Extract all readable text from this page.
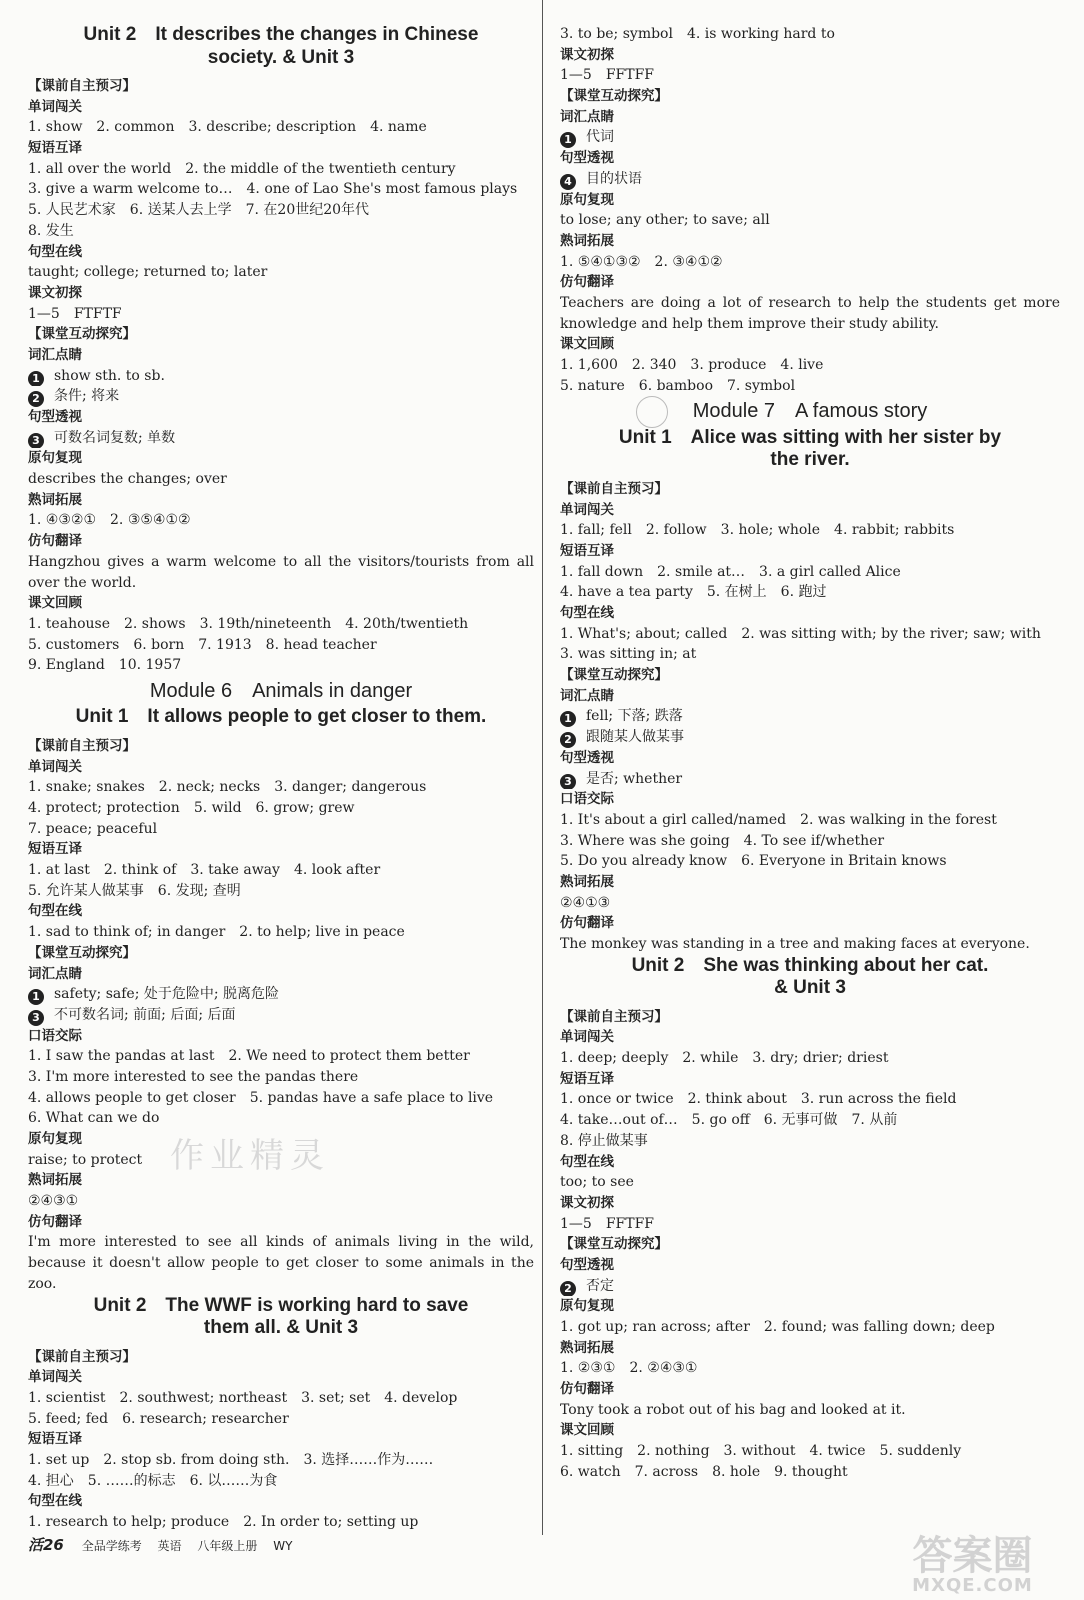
Unit 2　It describes the changes in Chinese
society. & Unit 3
【课前自主预习】
单词闯关
1. show　2. common　3. describe; description　4. name
短语互译
1. all over the world　2. the middle of the twentieth century
3. give a warm welcome to…　4. one of Lao She's most famous plays
5. 人民艺术家　6. 送某人去上学　7. 在20世纪20年代
8. 发生
句型在线
taught; college; returned to; later
课文初探
1—5　FTFTF
【课堂互动探究】
词汇点睛
1 show sth. to sb.
2 条件; 将来
句型透视
3 可数名词复数; 单数
原句复现
describes the changes; over
熟词拓展
1. ④③②①　2. ③⑤④①②
仿句翻译
Hangzhou gives a warm welcome to all the visitors/tourists from all over the world.
课文回顾
1. teahouse　2. shows　3. 19th/nineteenth　4. 20th/twentieth
5. customers　6. born　7. 1913　8. head teacher
9. England　10. 1957
Module 6　Animals in danger
Unit 1　It allows people to get closer to them.
【课前自主预习】
单词闯关
1. snake; snakes　2. neck; necks　3. danger; dangerous
4. protect; protection　5. wild　6. grow; grew
7. peace; peaceful
短语互译
1. at last　2. think of　3. take away　4. look after
5. 允许某人做某事　6. 发现; 查明
句型在线
1. sad to think of; in danger　2. to help; live in peace
【课堂互动探究】
词汇点睛
1 safety; safe; 处于危险中; 脱离危险
3 不可数名词; 前面; 后面; 后面
口语交际
1. I saw the pandas at last　2. We need to protect them better
3. I'm more interested to see the pandas there
4. allows people to get closer　5. pandas have a safe place to live
6. What can we do
原句复现
raise; to protect
熟词拓展
②④③①
仿句翻译
I'm more interested to see all kinds of animals living in the wild, because it doesn't allow people to get closer to some animals in the zoo.
Unit 2　The WWF is working hard to save
them all. & Unit 3
【课前自主预习】
单词闯关
1. scientist　2. southwest; northeast　3. set; set　4. develop
5. feed; fed　6. research; researcher
短语互译
1. set up　2. stop sb. from doing sth.　3. 选择……作为……
4. 担心　5. ……的标志　6. 以……为食
句型在线
1. research to help; produce　2. In order to; setting up
3. to be; symbol　4. is working hard to
课文初探
1—5　FFTFF
【课堂互动探究】
词汇点睛
1 代词
句型透视
4 目的状语
原句复现
to lose; any other; to save; all
熟词拓展
1. ⑤④①③②　2. ③④①②
仿句翻译
Teachers are doing a lot of research to help the students get more knowledge and help them improve their study ability.
课文回顾
1. 1,600　2. 340　3. produce　4. live
5. nature　6. bamboo　7. symbol
Module 7　A famous story
Unit 1　Alice was sitting with her sister by
the river.
【课前自主预习】
单词闯关
1. fall; fell　2. follow　3. hole; whole　4. rabbit; rabbits
短语互译
1. fall down　2. smile at…　3. a girl called Alice
4. have a tea party　5. 在树上　6. 跑过
句型在线
1. What's; about; called　2. was sitting with; by the river; saw; with
3. was sitting in; at
【课堂互动探究】
词汇点睛
1 fell; 下落; 跌落
2 跟随某人做某事
句型透视
3 是否; whether
口语交际
1. It's about a girl called/named　2. was walking in the forest
3. Where was she going　4. To see if/whether
5. Do you already know　6. Everyone in Britain knows
熟词拓展
②④①③
仿句翻译
The monkey was standing in a tree and making faces at everyone.
Unit 2　She was thinking about her cat.
& Unit 3
【课前自主预习】
单词闯关
1. deep; deeply　2. while　3. dry; drier; driest
短语互译
1. once or twice　2. think about　3. run across the field
4. take…out of…　5. go off　6. 无事可做　7. 从前
8. 停止做某事
句型在线
too; to see
课文初探
1—5　FFTFF
【课堂互动探究】
句型透视
2 否定
原句复现
1. got up; ran across; after　2. found; was falling down; deep
熟词拓展
1. ②③①　2. ②④③①
仿句翻译
Tony took a robot out of his bag and looked at it.
课文回顾
1. sitting　2. nothing　3. without　4. twice　5. suddenly
6. watch　7. across　8. hole　9. thought
作业精灵
活26 全品学练考 英语 八年级上册 WY	答案圈
MXQE.COM
